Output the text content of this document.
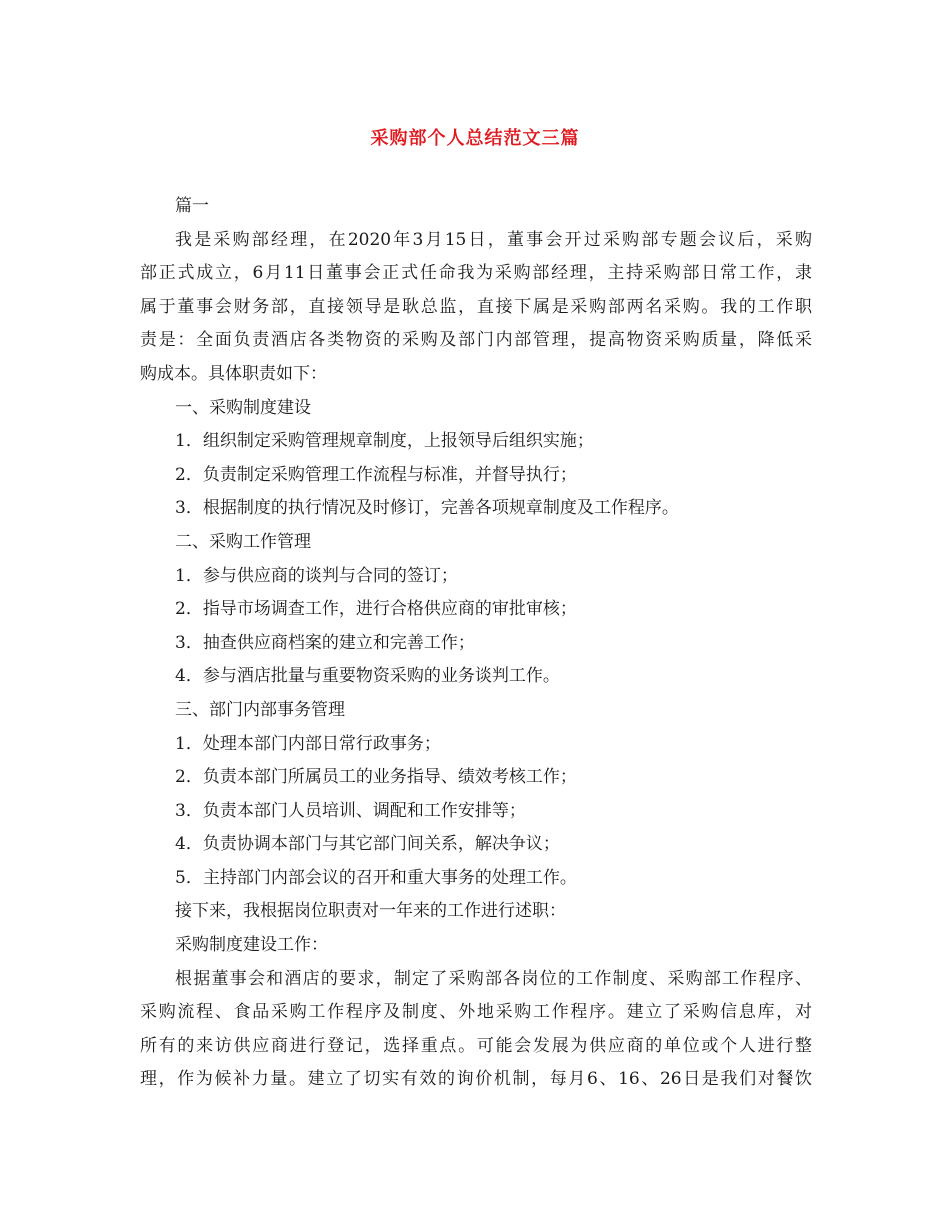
采购部个人总结范文三篇
篇一
我是采购部经理，在2020年3月15日，董事会开过采购部专题会议后，采购
部正式成立，6月11日董事会正式任命我为采购部经理，主持采购部日常工作，隶
属于董事会财务部，直接领导是耿总监，直接下属是采购部两名采购。我的工作职
责是：全面负责酒店各类物资的采购及部门内部管理，提高物资采购质量，降低采
购成本。具体职责如下：
一、采购制度建设
1．组织制定采购管理规章制度，上报领导后组织实施；
2．负责制定采购管理工作流程与标准，并督导执行；
3．根据制度的执行情况及时修订，完善各项规章制度及工作程序。
二、采购工作管理
1．参与供应商的谈判与合同的签订；
2．指导市场调查工作，进行合格供应商的审批审核；
3．抽查供应商档案的建立和完善工作；
4．参与酒店批量与重要物资采购的业务谈判工作。
三、部门内部事务管理
1．处理本部门内部日常行政事务；
2．负责本部门所属员工的业务指导、绩效考核工作；
3．负责本部门人员培训、调配和工作安排等；
4．负责协调本部门与其它部门间关系，解决争议；
5．主持部门内部会议的召开和重大事务的处理工作。
接下来，我根据岗位职责对一年来的工作进行述职：
采购制度建设工作：
根据董事会和酒店的要求，制定了采购部各岗位的工作制度、采购部工作程序、
采购流程、食品采购工作程序及制度、外地采购工作程序。建立了采购信息库，对
所有的来访供应商进行登记，选择重点。可能会发展为供应商的单位或个人进行整
理，作为候补力量。建立了切实有效的询价机制，每月6、16、26日是我们对餐饮
